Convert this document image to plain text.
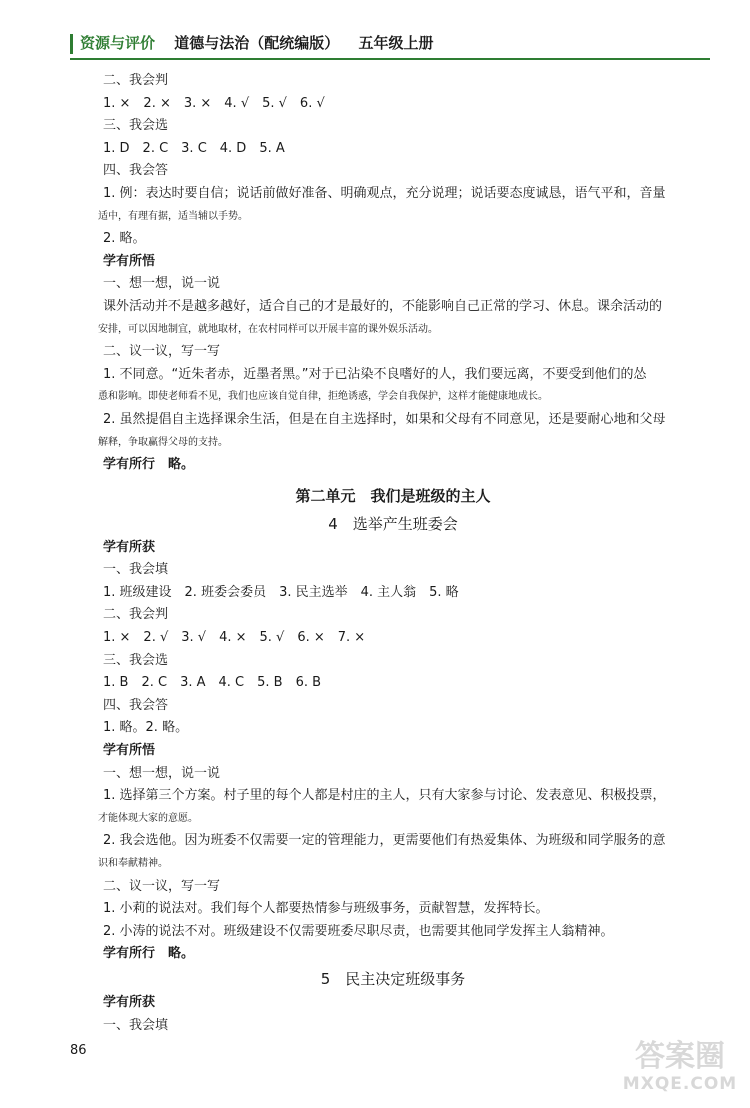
资源与评价 道德与法治（配统编版） 五年级上册
二、我会判
1. ×　2. ×　3. ×　4. √　5. √　6. √
三、我会选
1. D　2. C　3. C　4. D　5. A
四、我会答
1. 例：表达时要自信；说话前做好准备、明确观点，充分说理；说话要态度诚恳，语气平和，音量
适中，有理有据，适当辅以手势。
2. 略。
学有所悟
一、想一想，说一说
课外活动并不是越多越好，适合自己的才是最好的，不能影响自己正常的学习、休息。课余活动的
安排，可以因地制宜，就地取材，在农村同样可以开展丰富的课外娱乐活动。
二、议一议，写一写
1. 不同意。“近朱者赤，近墨者黑。”对于已沾染不良嗜好的人，我们要远离，不要受到他们的怂
恿和影响。即使老师看不见，我们也应该自觉自律，拒绝诱惑，学会自我保护，这样才能健康地成长。
2. 虽然提倡自主选择课余生活，但是在自主选择时，如果和父母有不同意见，还是要耐心地和父母
解释，争取赢得父母的支持。
学有所行　略。
第二单元　我们是班级的主人
4　选举产生班委会
学有所获
一、我会填
1. 班级建设　2. 班委会委员　3. 民主选举　4. 主人翁　5. 略
二、我会判
1. ×　2. √　3. √　4. ×　5. √　6. ×　7. ×
三、我会选
1. B　2. C　3. A　4. C　5. B　6. B
四、我会答
1. 略。2. 略。
学有所悟
一、想一想，说一说
1. 选择第三个方案。村子里的每个人都是村庄的主人，只有大家参与讨论、发表意见、积极投票，
才能体现大家的意愿。
2. 我会选他。因为班委不仅需要一定的管理能力，更需要他们有热爱集体、为班级和同学服务的意
识和奉献精神。
二、议一议，写一写
1. 小莉的说法对。我们每个人都要热情参与班级事务，贡献智慧，发挥特长。
2. 小涛的说法不对。班级建设不仅需要班委尽职尽责，也需要其他同学发挥主人翁精神。
学有所行　略。
5　民主决定班级事务
学有所获
一、我会填
86	答案圈
MXQE.COM
